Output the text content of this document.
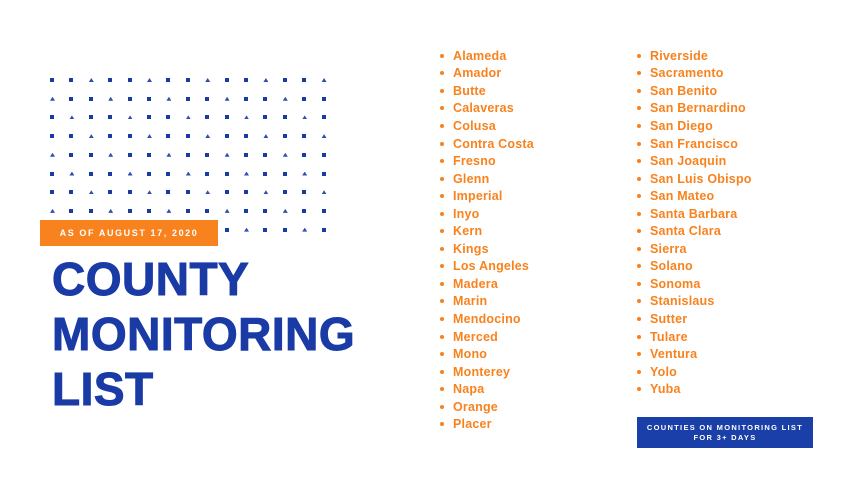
AS OF AUGUST 17, 2020
COUNTY
MONITORING
LIST
Alameda
Amador
Butte
Calaveras
Colusa
Contra Costa
Fresno
Glenn
Imperial
Inyo
Kern
Kings
Los Angeles
Madera
Marin
Mendocino
Merced
Mono
Monterey
Napa
Orange
Placer
Riverside
Sacramento
San Benito
San Bernardino
San Diego
San Francisco
San Joaquin
San Luis Obispo
San Mateo
Santa Barbara
Santa Clara
Sierra
Solano
Sonoma
Stanislaus
Sutter
Tulare
Ventura
Yolo
Yuba
COUNTIES ON MONITORING LIST
FOR 3+ DAYS
